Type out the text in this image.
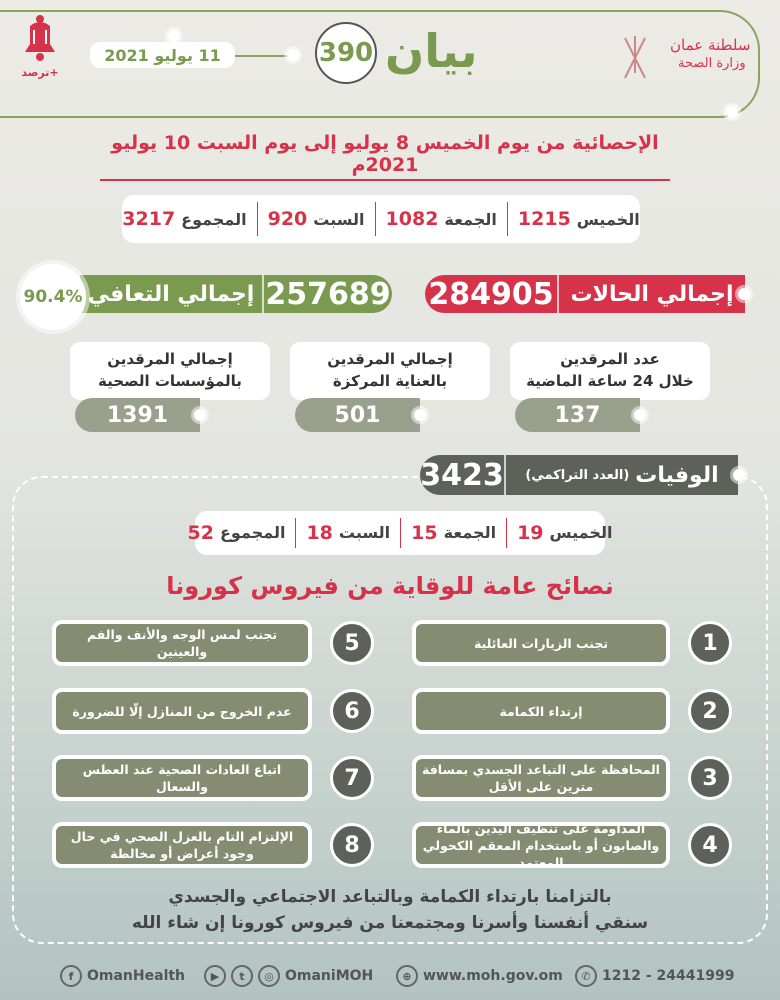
ترصد+
11 يوليو 2021	390 بيان	سلطنة عمان
وزارة الصحة
الإحصائية من يوم الخميس 8 يوليو إلى يوم السبت 10 يوليو 2021م
الخميس
1215
الجمعة
1082
السبت
920
المجموع
3217
إجمالي الحالات
284905
257689
إجمالي التعافي
90.4%
عدد المرقدين
خلال 24 ساعة الماضية
137
إجمالي المرقدين
بالعناية المركزة
501
إجمالي المرقدين
بالمؤسسات الصحية
1391
الوفيات
(العدد التراكمي)
3423
الخميس
19
الجمعة
15
السبت
18
المجموع
52
نصائح عامة للوقاية من فيروس كورونا
تجنب الزيارات العائلية	1
إرتداء الكمامة	2
المحافظة على التباعد الجسدي بمسافة مترين على الأقل	3
المداومة على تنظيف اليدين بالماء والصابون أو باستخدام المعقم الكحولي المعتمد
4
تجنب لمس الوجه والأنف والفم والعينين	5
عدم الخروج من المنازل إلّا للضرورة	6
اتباع العادات الصحية عند العطس والسعال	7
الإلتزام التام بالعزل الصحي في حال وجود أعراض أو مخالطة	8
بالتزامنا بارتداء الكمامة وبالتباعد الاجتماعي والجسدي
سنقي أنفسنا وأسرنا ومجتمعنا من فيروس كورونا إن شاء الله
f OmanHealth	▶	t	◎ OmaniMOH	⊕ www.moh.gov.om	✆ 1212 - 24441999
